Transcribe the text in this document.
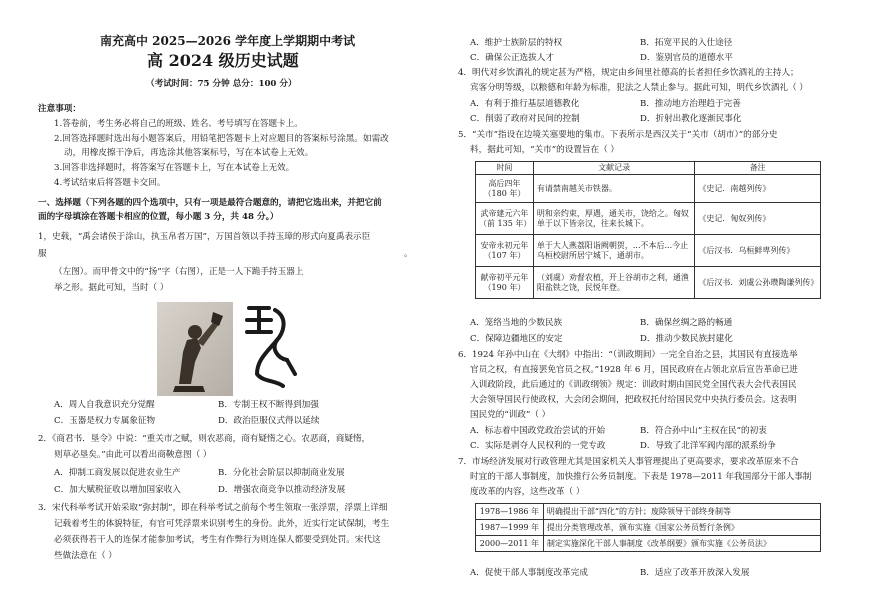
南充高中 2025—2026 学年度上学期期中考试
高 2024 级历史试题
（考试时间：75 分钟 总分：100 分）
注意事项：
1.答卷前，考生务必将自己的班级、姓名、考号填写在答题卡上。
2.回答选择题时选出每小题答案后，用铅笔把答题卡上对应题目的答案标号涂黑。如需改
动，用橡皮擦干净后，再选涂其他答案标号，写在本试卷上无效。
3.回答非选择题时，将答案写在答题卡上，写在本试卷上无效。
4.考试结束后将答题卡交回。
一、选择题（下列各题的四个选项中，只有一项是最符合题意的，请把它选出来，并把它前
面的字母填涂在答题卡相应的位置，每小题 3 分，共 48 分。）
1，史载，“禹会诸侯于涂山，执玉帛者万国”，万国首领以手持玉璋的形式向夏禹表示臣
服	。
（左图）。而甲骨文中的“扬”字（右图），正是一人下跪手持玉器上
举之形。据此可知，当时（ ）
A．周人自我意识充分觉醒	B．专制王权不断得到加强
C．玉器是权力专属象征物	D．政治臣服仪式得以延续
2．《商君书．垦令》中说：“重关市之赋，则农恶商，商有疑惰之心。农恶商，商疑惰，
则草必垦矣。”由此可以看出商鞅意图（ ）
A．抑制工商发展以促进农业生产	B．分化社会阶层以抑制商业发展
C．加大赋税征收以增加国家收入	D．增强农商竞争以推动经济发展
3．宋代科举考试开始采取“弥封制”，即在科举考试之前每个考生领取一张浮票，浮票上详细
记载着考生的体貌特征，有官可凭浮票来识别考生的身份。此外，近实行定试保制，考生
必须获得若干人的连保才能参加考试，考生有作弊行为则连保人都要受到处罚。宋代这
些做法意在（ ）
A．维护士族阶层的特权	B．拓宽平民的入仕途径
C．确保公正选拔人才	D．鉴别官员的道德水平
4．明代对乡饮酒礼的规定甚为严格，规定由乡间里社德高的长者担任乡饮酒礼的主持人；
宾客分明等级，以粮德和年龄为标准，犯法之人禁止参与。据此可知，明代乡饮酒礼（ ）
A．有利于推行基层道德教化	B．推动地方治理趋于完善
C．削弱了政府对民间的控制	D．折射出教化逐渐民事化
5．“关市”指设在边境关塞要地的集市。下表所示是西汉关于“关市（胡市）”的部分史
料，据此可知，“关市”的设置旨在（ ）
时间	文献记录	备注
高后四年（180 年）	有请禁南越关市铁器。	《史记．南越列传》
武帝建元六年（前 135 年）	明和亲约束，厚遇，通关市，饶给之。匈奴单于以下皆亲汉，往来长城下。	《史记．匈奴列传》
安帝永初元年（107 年）	单于大人燕荔阳诣阙朝贺，...不本后...今止乌桓校尉所居宁城下，通胡市。	《后汉书．乌桓鲜卑列传》
献帝初平元年（190 年）	（刘虞）劝督农植，开上谷胡市之利，通渔阳盐铁之饶，民悦年登。	《后汉书．刘虞公孙瓒陶谦列传》
A．笼络当地的少数民族	B．确保丝绸之路的畅通
C．保障边疆地区的安定	D．推动少数民族封建化
6．1924 年孙中山在《大纲》中指出：“（训政期间）一完全自治之县，其国民有直接选举
官员之权，有直接罢免官员之权。”1928 年 6 月，国民政府在占领北京后宣告革命已进
入训政阶段，此后通过的《训政纲领》规定：训政时期由国民党全国代表大会代表国民
大会领导国民行使政权，大会闭会期间，把政权托付给国民党中央执行委员会。这表明
国民党的“训政”（ ）
A．标志着中国政党政治尝试的开始	B．符合孙中山“主权在民”的初衷
C．实际是剥夺人民权利的一党专政	D．导致了北洋军阀内部的派系纷争
7．市场经济发展对行政管理尤其是国家机关人事管理提出了更高要求，要求改革原来不合
时宜的干部人事制度，加快推行公务员制度。下表是 1978—2011 年我国部分干部人事制
度改革的内容，这些改革（ ）
1978—1986 年	明确提出干部“四化”的方针；废除领导干部终身制等
1987—1999 年	提出分类管理改革，颁布实施《国家公务员暂行条例》
2000—2011 年	制定实施深化干部人事制度《改革纲要》颁布实施《公务员法》
A．促使干部人事制度改革完成	B．适应了改革开放深入发展
